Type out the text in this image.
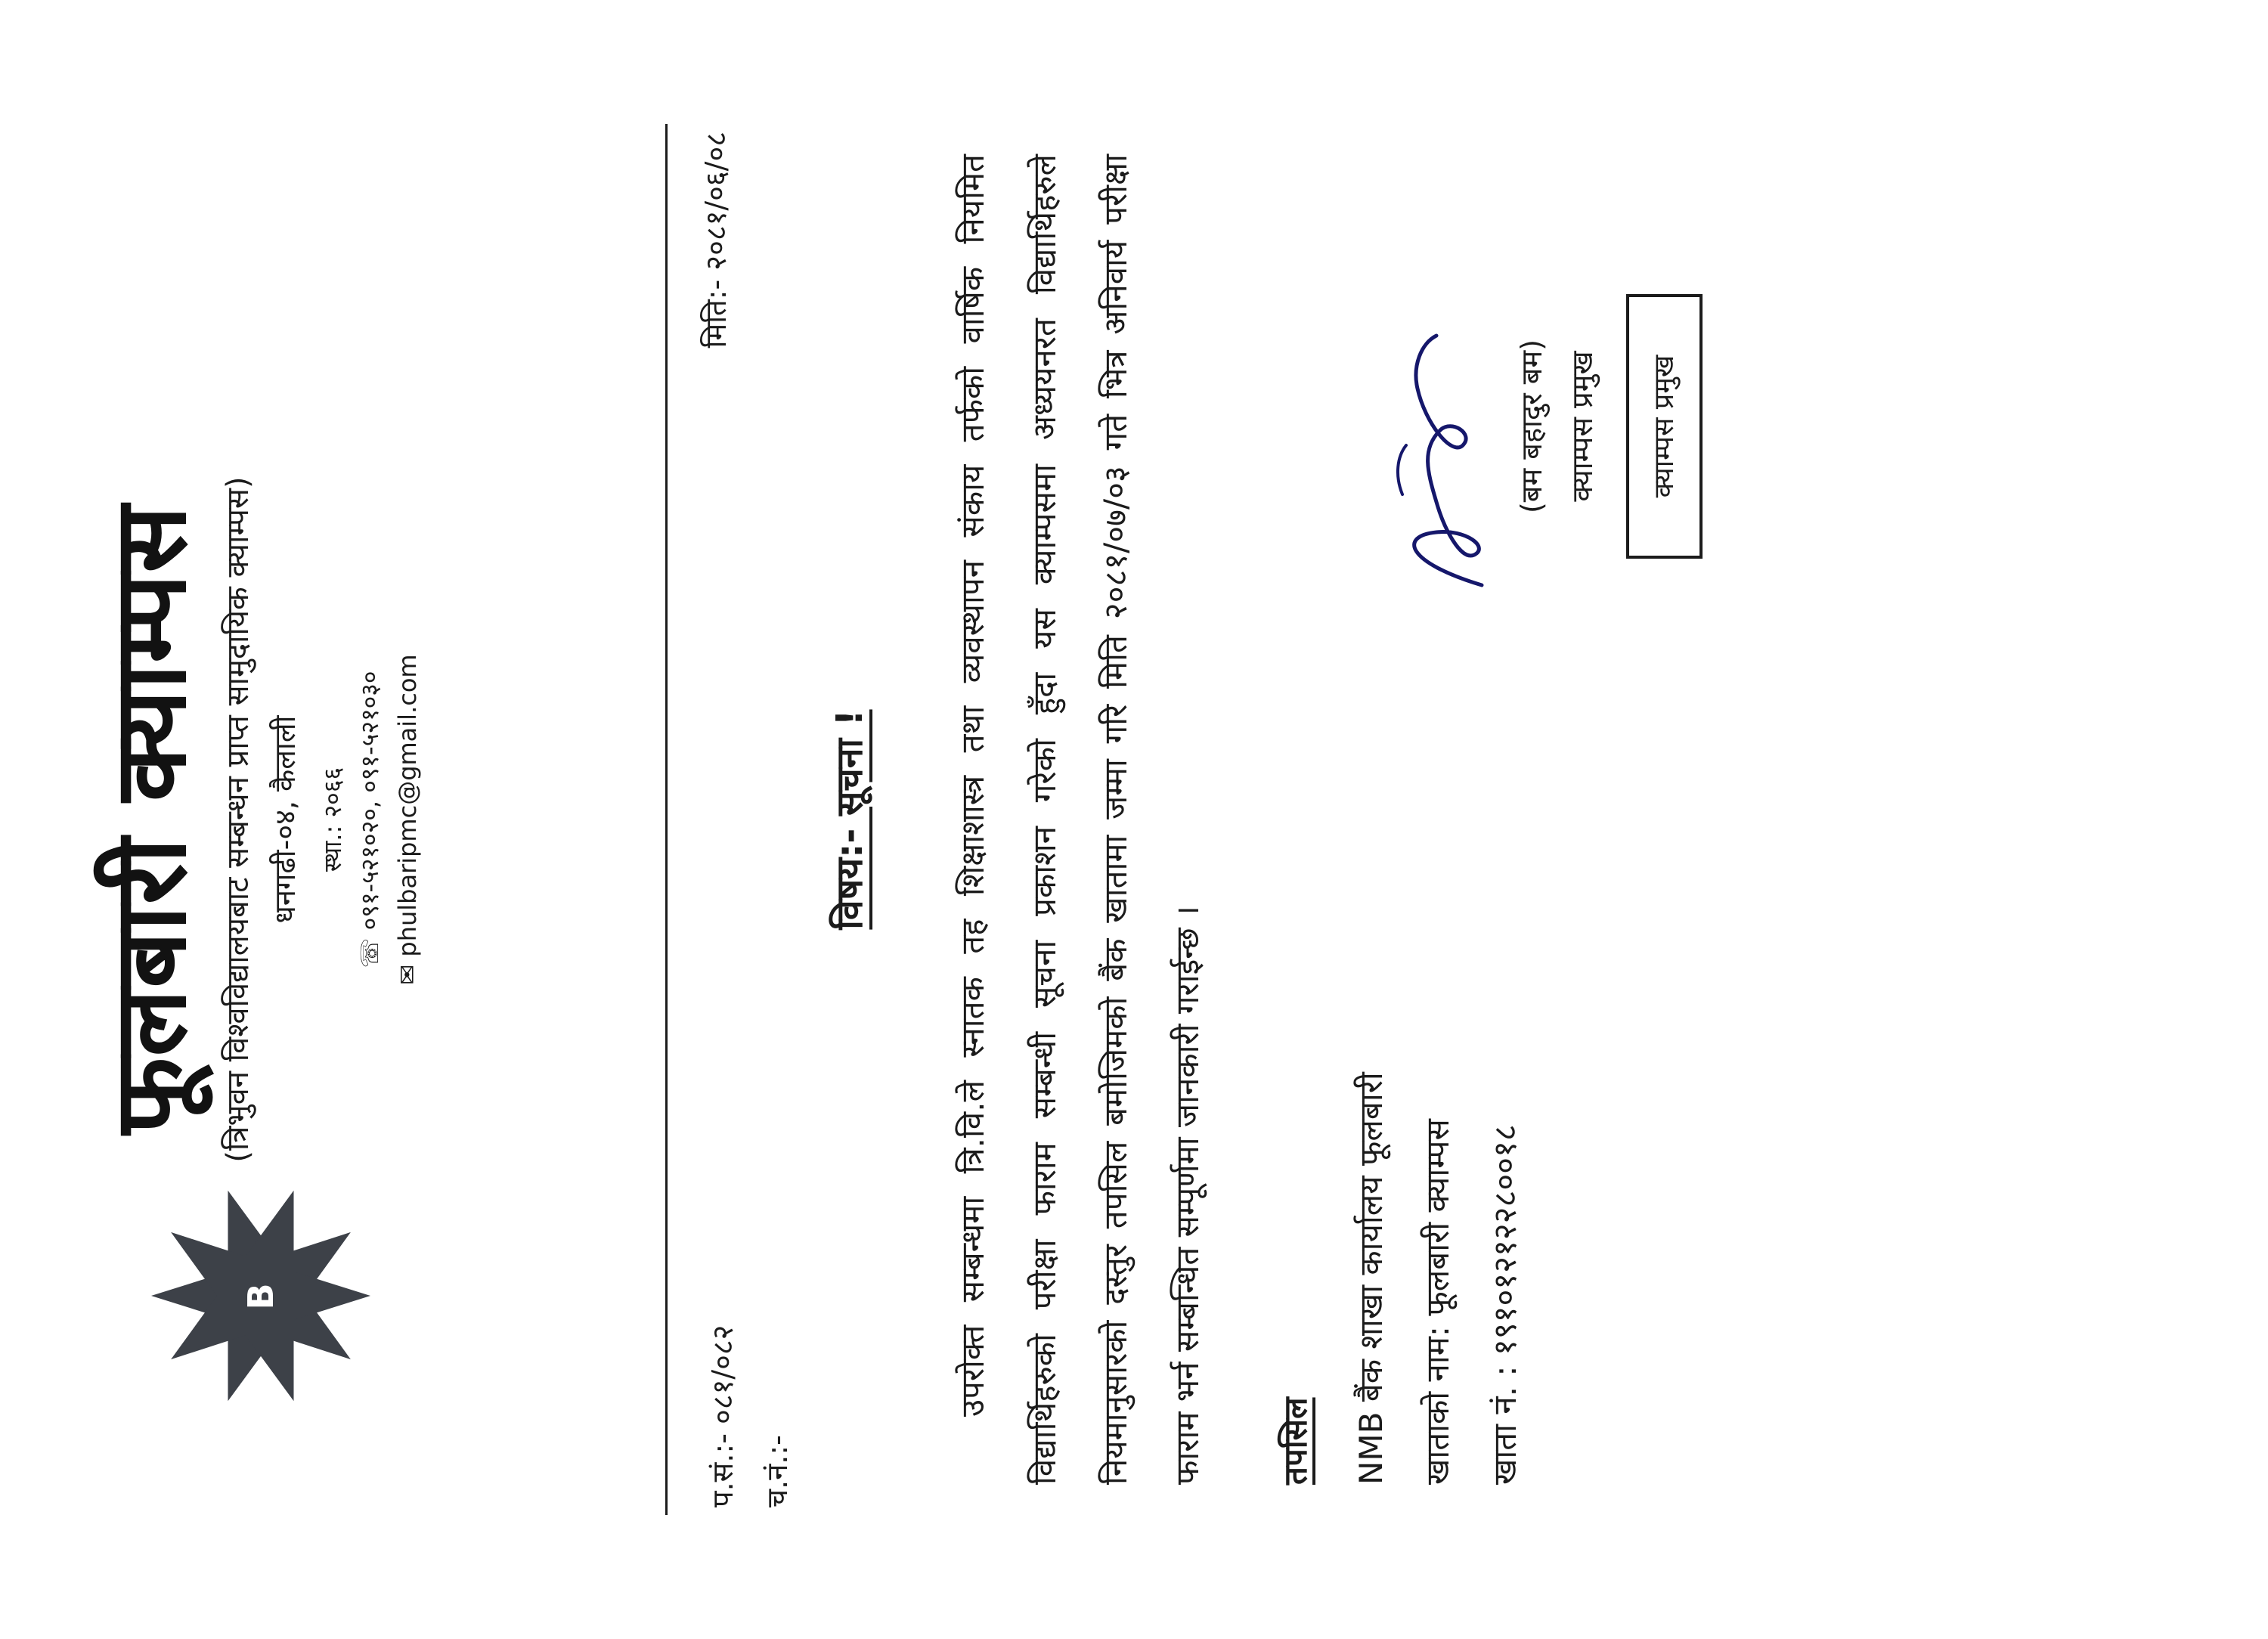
फूलबारी क्याम्पस (त्रिभुवन विश्वविद्यालयबाट सम्बन्धन प्राप्त सामुदायिक क्याम्पस) धनगढी-०४, कैलाली स्था.: २०६६ ☏ ०९१-५२१०२०, ०९१-५२१०३० ✉ phulbaripmc@gmail.com
B
प.सं.:- ०८१/०८२
च.नं.:-
मिति:- २०८१/०६/०८
विषय:- सूचना !	उपरोक्त सम्बन्धमा त्रि.वि.ले स्नातक तह शिक्षाशास्त्र तथा व्यवस्थापन संकाय तर्फको वार्षिक नियमित विद्यार्थिहरुको परीक्षा फाराम सम्बन्धी सूचना प्रकाशन गरेको हुँदा यस क्याम्पसमा अध्ययनरत विद्यार्थिहरुले नियमानुसारको दस्तुर तपसिल बमोजिमको बैंक खातामा जम्मा गरि मिति २०८१/०७/०३ गते भित्र अनिवार्य परीक्षा फाराम भर्न सम्बन्धित सम्पूर्णमा जानकारी गराईन्छ ।	तपसिल	NMB बैंक शाखा कार्यालय फूलबारी खाताको नाम: फूलबारी क्याम्पस
खाता नं. : १९१०१२१२२८००१८
(बम बहादुर बम) क्याम्पस प्रमुख	क्याम्पस प्रमुख
